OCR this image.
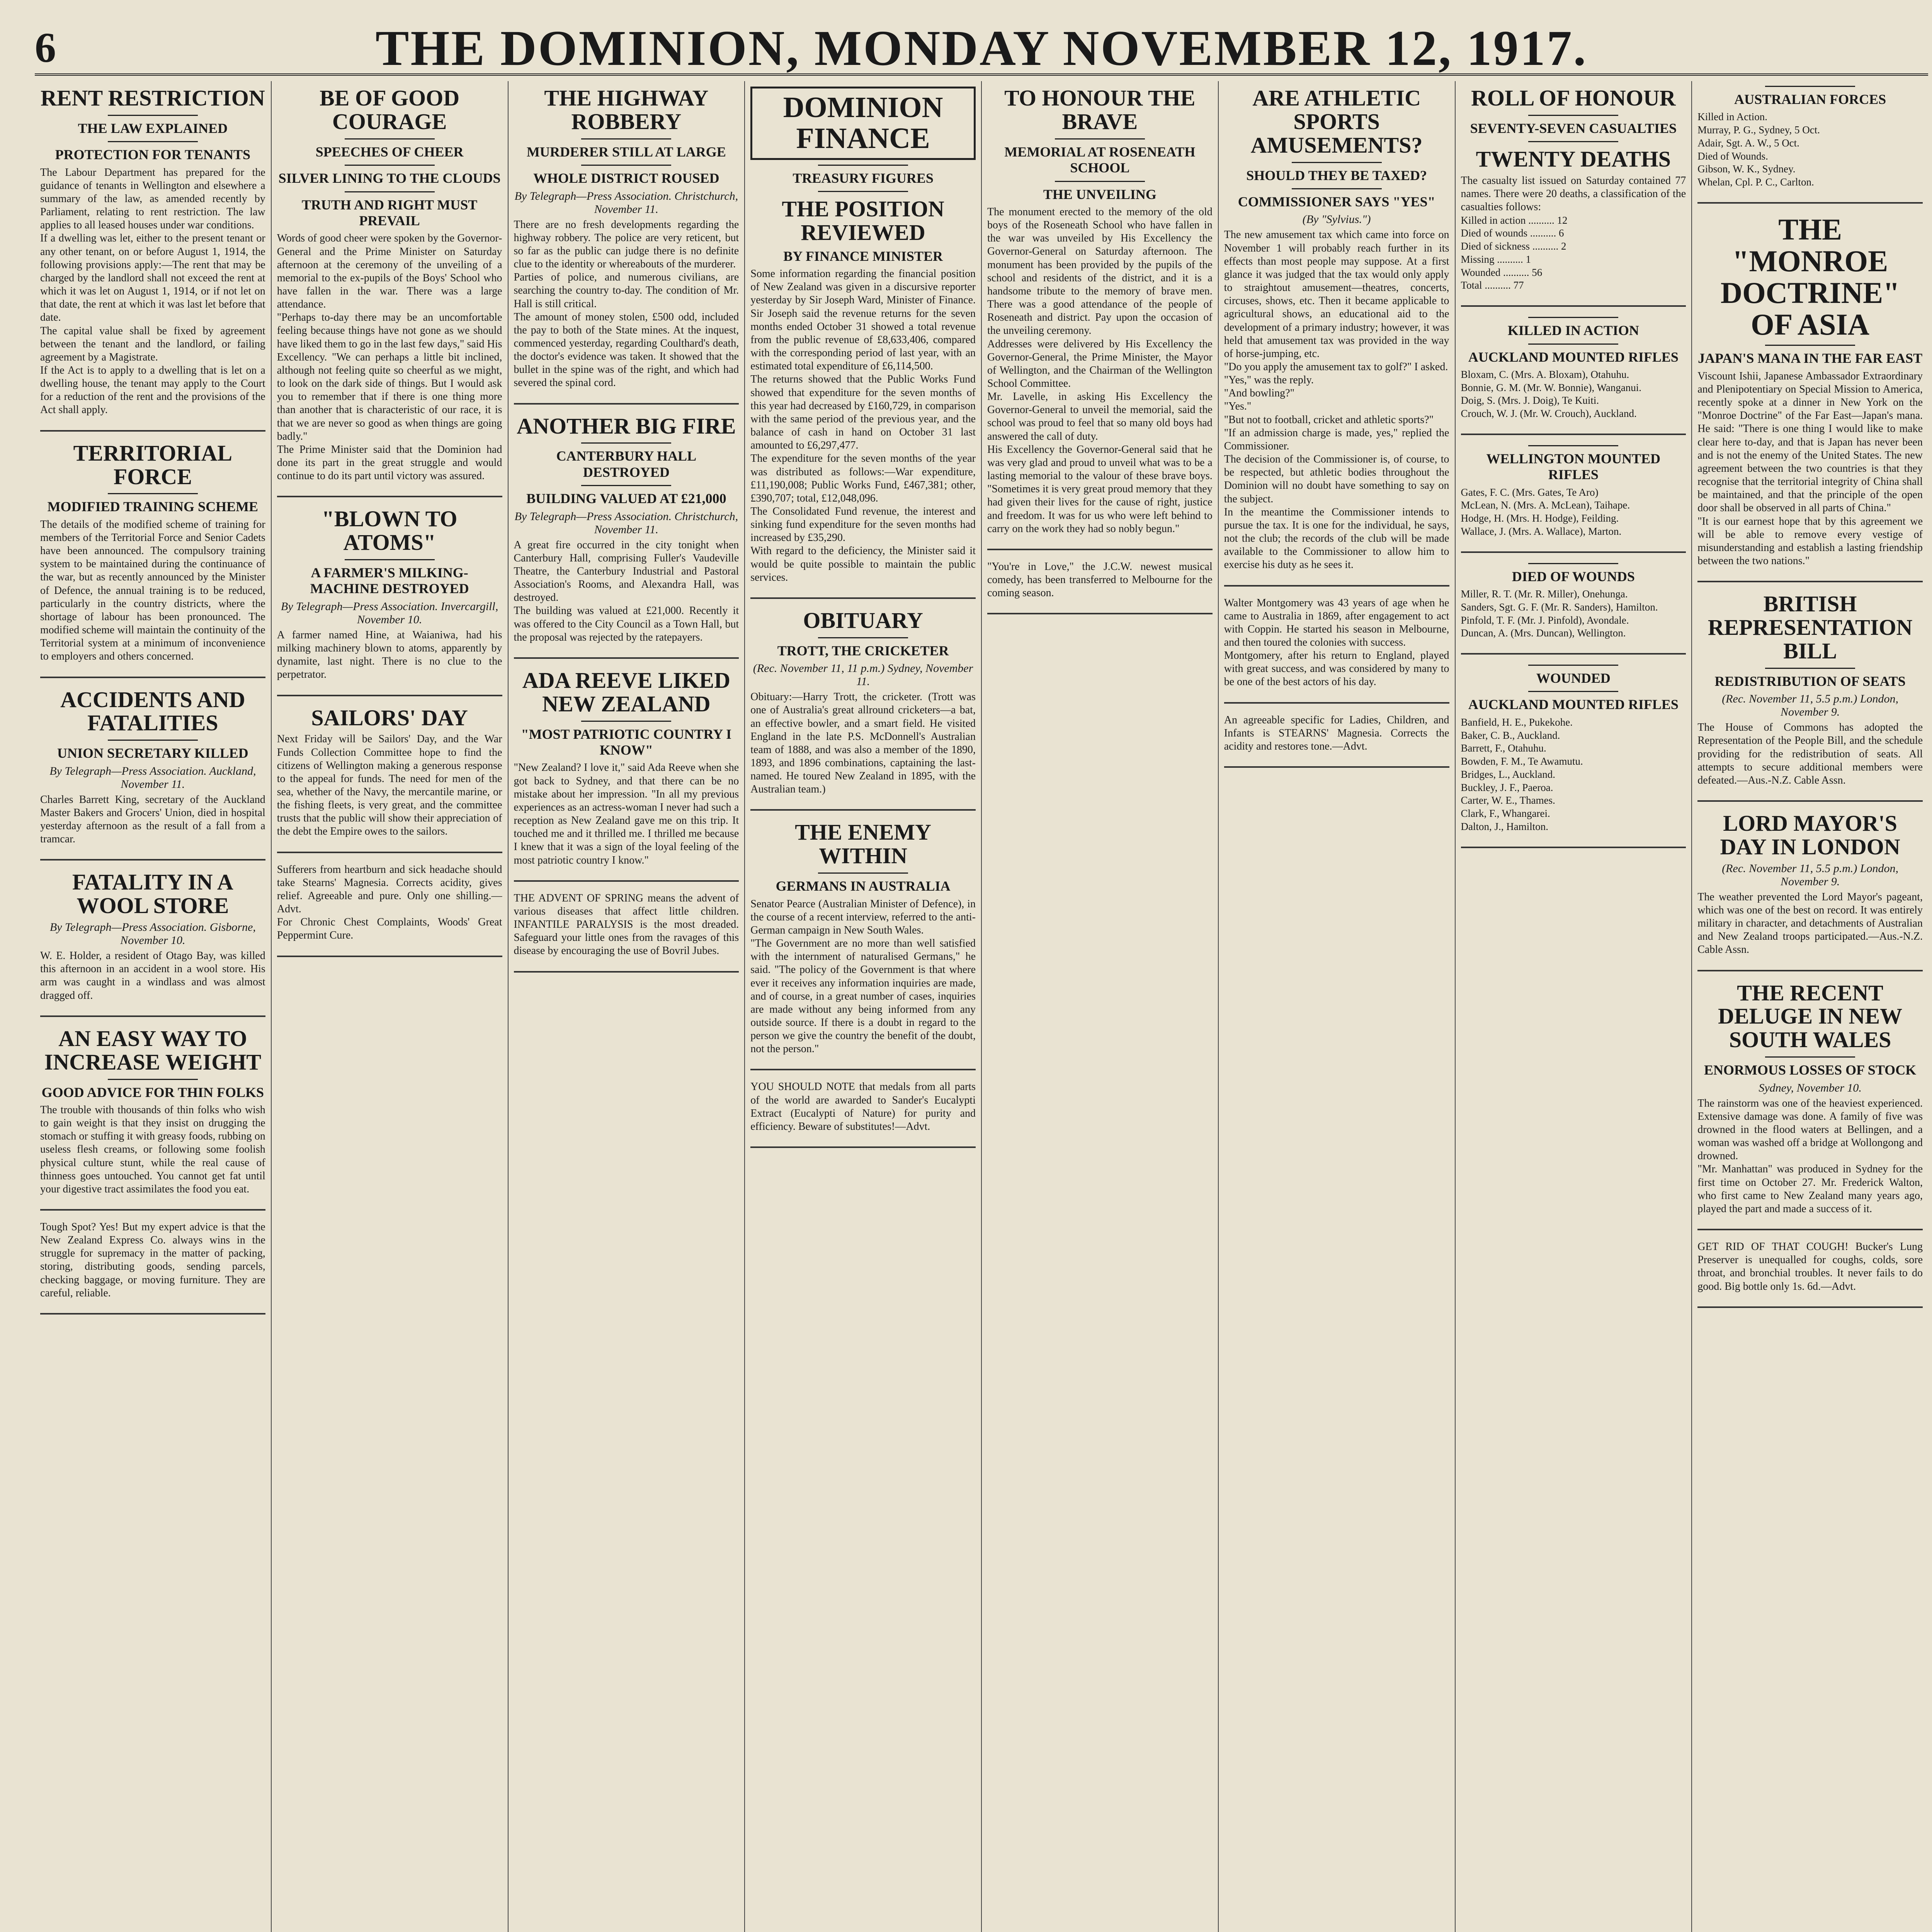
6	THE DOMINION, MONDAY NOVEMBER 12, 1917.
RENT RESTRICTION
THE LAW EXPLAINED
PROTECTION FOR TENANTS

The Labour Department has prepared for the guidance of tenants in Wellington and elsewhere a summary of the law, as amended recently by Parliament, relating to rent restriction. The law applies to all leased houses under war conditions.
If a dwelling was let, either to the present tenant or any other tenant, on or before August 1, 1914, the following provisions apply:—The rent that may be charged by the landlord shall not exceed the rent at which it was let on August 1, 1914, or if not let on that date, the rent at which it was last let before that date.
The capital value shall be fixed by agreement between the tenant and the landlord, or failing agreement by a Magistrate.
If the Act is to apply to a dwelling that is let on a dwelling house, the tenant may apply to the Court for a reduction of the rent and the provisions of the Act shall apply.

TERRITORIAL FORCE
MODIFIED TRAINING SCHEME

The details of the modified scheme of training for members of the Territorial Force and Senior Cadets have been announced. The compulsory training system to be maintained during the continuance of the war, but as recently announced by the Minister of Defence, the annual training is to be reduced, particularly in the country districts, where the shortage of labour has been pronounced. The modified scheme will maintain the continuity of the Territorial system at a minimum of inconvenience to employers and others concerned.

ACCIDENTS AND FATALITIES
UNION SECRETARY KILLED
By Telegraph—Press Association. Auckland, November 11.

Charles Barrett King, secretary of the Auckland Master Bakers and Grocers' Union, died in hospital yesterday afternoon as the result of a fall from a tramcar.

FATALITY IN A WOOL STORE
By Telegraph—Press Association. Gisborne, November 10.

W. E. Holder, a resident of Otago Bay, was killed this afternoon in an accident in a wool store. His arm was caught in a windlass and was almost dragged off.

AN EASY WAY TO INCREASE WEIGHT
GOOD ADVICE FOR THIN FOLKS

The trouble with thousands of thin folks who wish to gain weight is that they insist on drugging the stomach or stuffing it with greasy foods, rubbing on useless flesh creams, or following some foolish physical culture stunt, while the real cause of thinness goes untouched. You cannot get fat until your digestive tract assimilates the food you eat.

Tough Spot? Yes! But my expert advice is that the New Zealand Express Co. always wins in the struggle for supremacy in the matter of packing, storing, distributing goods, sending parcels, checking baggage, or moving furniture. They are careful, reliable.

BE OF GOOD COURAGE
SPEECHES OF CHEER
SILVER LINING TO THE CLOUDS
TRUTH AND RIGHT MUST PREVAIL

Words of good cheer were spoken by the Governor-General and the Prime Minister on Saturday afternoon at the ceremony of the unveiling of a memorial to the ex-pupils of the Boys' School who have fallen in the war. There was a large attendance.
"Perhaps to-day there may be an uncomfortable feeling because things have not gone as we should have liked them to go in the last few days," said His Excellency. "We can perhaps a little bit inclined, although not feeling quite so cheerful as we might, to look on the dark side of things. But I would ask you to remember that if there is one thing more than another that is characteristic of our race, it is that we are never so good as when things are going badly."
The Prime Minister said that the Dominion had done its part in the great struggle and would continue to do its part until victory was assured.

"BLOWN TO ATOMS"
A FARMER'S MILKING-MACHINE DESTROYED
By Telegraph—Press Association. Invercargill, November 10.

A farmer named Hine, at Waianiwa, had his milking machinery blown to atoms, apparently by dynamite, last night. There is no clue to the perpetrator.

SAILORS' DAY

Next Friday will be Sailors' Day, and the War Funds Collection Committee hope to find the citizens of Wellington making a generous response to the appeal for funds. The need for men of the sea, whether of the Navy, the mercantile marine, or the fishing fleets, is very great, and the committee trusts that the public will show their appreciation of the debt the Empire owes to the sailors.

Sufferers from heartburn and sick headache should take Stearns' Magnesia. Corrects acidity, gives relief. Agreeable and pure. Only one shilling.—Advt.
For Chronic Chest Complaints, Woods' Great Peppermint Cure.

THE HIGHWAY ROBBERY
MURDERER STILL AT LARGE
WHOLE DISTRICT ROUSED
By Telegraph—Press Association. Christchurch, November 11.

There are no fresh developments regarding the highway robbery. The police are very reticent, but so far as the public can judge there is no definite clue to the identity or whereabouts of the murderer.
Parties of police, and numerous civilians, are searching the country to-day. The condition of Mr. Hall is still critical.
The amount of money stolen, £500 odd, included the pay to both of the State mines. At the inquest, commenced yesterday, regarding Coulthard's death, the doctor's evidence was taken. It showed that the bullet in the spine was of the right, and which had severed the spinal cord.

ANOTHER BIG FIRE
CANTERBURY HALL DESTROYED
BUILDING VALUED AT £21,000
By Telegraph—Press Association. Christchurch, November 11.

A great fire occurred in the city tonight when Canterbury Hall, comprising Fuller's Vaudeville Theatre, the Canterbury Industrial and Pastoral Association's Rooms, and Alexandra Hall, was destroyed.
The building was valued at £21,000. Recently it was offered to the City Council as a Town Hall, but the proposal was rejected by the ratepayers.

ADA REEVE LIKED NEW ZEALAND
"MOST PATRIOTIC COUNTRY I KNOW"

"New Zealand? I love it," said Ada Reeve when she got back to Sydney, and that there can be no mistake about her impression. "In all my previous experiences as an actress-woman I never had such a reception as New Zealand gave me on this trip. It touched me and it thrilled me. I thrilled me because I knew that it was a sign of the loyal feeling of the most patriotic country I know."

THE ADVENT OF SPRING means the advent of various diseases that affect little children. INFANTILE PARALYSIS is the most dreaded. Safeguard your little ones from the ravages of this disease by encouraging the use of Bovril Jubes.

DOMINION FINANCE
TREASURY FIGURES
THE POSITION REVIEWED
BY FINANCE MINISTER

Some information regarding the financial position of New Zealand was given in a discursive reporter yesterday by Sir Joseph Ward, Minister of Finance. Sir Joseph said the revenue returns for the seven months ended October 31 showed a total revenue from the public revenue of £8,633,406, compared with the corresponding period of last year, with an estimated total expenditure of £6,114,500.
The returns showed that the Public Works Fund showed that expenditure for the seven months of this year had decreased by £160,729, in comparison with the same period of the previous year, and the balance of cash in hand on October 31 last amounted to £6,297,477.
The expenditure for the seven months of the year was distributed as follows:—War expenditure, £11,190,008; Public Works Fund, £467,381; other, £390,707; total, £12,048,096.
The Consolidated Fund revenue, the interest and sinking fund expenditure for the seven months had increased by £35,290.
With regard to the deficiency, the Minister said it would be quite possible to maintain the public services.

OBITUARY
TROTT, THE CRICKETER
(Rec. November 11, 11 p.m.) Sydney, November 11.

Obituary:—Harry Trott, the cricketer. (Trott was one of Australia's great allround cricketers—a bat, an effective bowler, and a smart field. He visited England in the late P.S. McDonnell's Australian team of 1888, and was also a member of the 1890, 1893, and 1896 combinations, captaining the last-named. He toured New Zealand in 1895, with the Australian team.)

THE ENEMY WITHIN
GERMANS IN AUSTRALIA

Senator Pearce (Australian Minister of Defence), in the course of a recent interview, referred to the anti-German campaign in New South Wales.
"The Government are no more than well satisfied with the internment of naturalised Germans," he said. "The policy of the Government is that where ever it receives any information inquiries are made, and of course, in a great number of cases, inquiries are made without any being informed from any outside source. If there is a doubt in regard to the person we give the country the benefit of the doubt, not the person."

YOU SHOULD NOTE that medals from all parts of the world are awarded to Sander's Eucalypti Extract (Eucalypti of Nature) for purity and efficiency. Beware of substitutes!—Advt.

TO HONOUR THE BRAVE
MEMORIAL AT ROSENEATH SCHOOL
THE UNVEILING

The monument erected to the memory of the old boys of the Roseneath School who have fallen in the war was unveiled by His Excellency the Governor-General on Saturday afternoon. The monument has been provided by the pupils of the school and residents of the district, and it is a handsome tribute to the memory of brave men. There was a good attendance of the people of Roseneath and district. Pay upon the occasion of the unveiling ceremony.
Addresses were delivered by His Excellency the Governor-General, the Prime Minister, the Mayor of Wellington, and the Chairman of the Wellington School Committee.
Mr. Lavelle, in asking His Excellency the Governor-General to unveil the memorial, said the school was proud to feel that so many old boys had answered the call of duty.
His Excellency the Governor-General said that he was very glad and proud to unveil what was to be a lasting memorial to the valour of these brave boys. "Sometimes it is very great proud memory that they had given their lives for the cause of right, justice and freedom. It was for us who were left behind to carry on the work they had so nobly begun."

"You're in Love," the J.C.W. newest musical comedy, has been transferred to Melbourne for the coming season.

ARE ATHLETIC SPORTS AMUSEMENTS?
SHOULD THEY BE TAXED?
COMMISSIONER SAYS "YES"
(By "Sylvius.")

The new amusement tax which came into force on November 1 will probably reach further in its effects than most people may suppose. At a first glance it was judged that the tax would only apply to straightout amusement—theatres, concerts, circuses, shows, etc. Then it became applicable to agricultural shows, an educational aid to the development of a primary industry; however, it was held that amusement tax was provided in the way of horse-jumping, etc.
"Do you apply the amusement tax to golf?" I asked.
"Yes," was the reply.
"And bowling?"
"Yes."
"But not to football, cricket and athletic sports?"
"If an admission charge is made, yes," replied the Commissioner.
The decision of the Commissioner is, of course, to be respected, but athletic bodies throughout the Dominion will no doubt have something to say on the subject.
In the meantime the Commissioner intends to pursue the tax. It is one for the individual, he says, not the club; the records of the club will be made available to the Commissioner to allow him to exercise his duty as he sees it.

Walter Montgomery was 43 years of age when he came to Australia in 1869, after engagement to act with Coppin. He started his season in Melbourne, and then toured the colonies with success.
Montgomery, after his return to England, played with great success, and was considered by many to be one of the best actors of his day.

An agreeable specific for Ladies, Children, and Infants is STEARNS' Magnesia. Corrects the acidity and restores tone.—Advt.

ROLL OF HONOUR
SEVENTY-SEVEN CASUALTIES
TWENTY DEATHS

The casualty list issued on Saturday contained 77 names. There were 20 deaths, a classification of the casualties follows:

Killed in action .......... 12
Died of wounds .......... 6
Died of sickness .......... 2
Missing .......... 1
Wounded .......... 56
Total .......... 77

KILLED IN ACTION
AUCKLAND MOUNTED RIFLES

Bloxam, C. (Mrs. A. Bloxam), Otahuhu.
Bonnie, G. M. (Mr. W. Bonnie), Wanganui.
Doig, S. (Mrs. J. Doig), Te Kuiti.
Crouch, W. J. (Mr. W. Crouch), Auckland.

WELLINGTON MOUNTED RIFLES

Gates, F. C. (Mrs. Gates, Te Aro)
McLean, N. (Mrs. A. McLean), Taihape.
Hodge, H. (Mrs. H. Hodge), Feilding.
Wallace, J. (Mrs. A. Wallace), Marton.

DIED OF WOUNDS

Miller, R. T. (Mr. R. Miller), Onehunga.
Sanders, Sgt. G. F. (Mr. R. Sanders), Hamilton.
Pinfold, T. F. (Mr. J. Pinfold), Avondale.
Duncan, A. (Mrs. Duncan), Wellington.

WOUNDED
AUCKLAND MOUNTED RIFLES

Banfield, H. E., Pukekohe.
Baker, C. B., Auckland.
Barrett, F., Otahuhu.
Bowden, F. M., Te Awamutu.
Bridges, L., Auckland.
Buckley, J. F., Paeroa.
Carter, W. E., Thames.
Clark, F., Whangarei.
Dalton, J., Hamilton.

AUSTRALIAN FORCES

Killed in Action.
Murray, P. G., Sydney, 5 Oct.
Adair, Sgt. A. W., 5 Oct.
Died of Wounds.
Gibson, W. K., Sydney.
Whelan, Cpl. P. C., Carlton.

THE "MONROE DOCTRINE" OF ASIA
JAPAN'S MANA IN THE FAR EAST

Viscount Ishii, Japanese Ambassador Extraordinary and Plenipotentiary on Special Mission to America, recently spoke at a dinner in New York on the "Monroe Doctrine" of the Far East—Japan's mana. He said: "There is one thing I would like to make clear here to-day, and that is Japan has never been and is not the enemy of the United States. The new agreement between the two countries is that they recognise that the territorial integrity of China shall be maintained, and that the principle of the open door shall be observed in all parts of China."
"It is our earnest hope that by this agreement we will be able to remove every vestige of misunderstanding and establish a lasting friendship between the two nations."

BRITISH REPRESENTATION BILL
REDISTRIBUTION OF SEATS
(Rec. November 11, 5.5 p.m.) London, November 9.

The House of Commons has adopted the Representation of the People Bill, and the schedule providing for the redistribution of seats. All attempts to secure additional members were defeated.—Aus.-N.Z. Cable Assn.

LORD MAYOR'S DAY IN LONDON
(Rec. November 11, 5.5 p.m.) London, November 9.

The weather prevented the Lord Mayor's pageant, which was one of the best on record. It was entirely military in character, and detachments of Australian and New Zealand troops participated.—Aus.-N.Z. Cable Assn.

THE RECENT DELUGE IN NEW SOUTH WALES
ENORMOUS LOSSES OF STOCK
Sydney, November 10.

The rainstorm was one of the heaviest experienced. Extensive damage was done. A family of five was drowned in the flood waters at Bellingen, and a woman was washed off a bridge at Wollongong and drowned.
"Mr. Manhattan" was produced in Sydney for the first time on October 27. Mr. Frederick Walton, who first came to New Zealand many years ago, played the part and made a success of it.

GET RID OF THAT COUGH! Bucker's Lung Preserver is unequalled for coughs, colds, sore throat, and bronchial troubles. It never fails to do good. Big bottle only 1s. 6d.—Advt.
